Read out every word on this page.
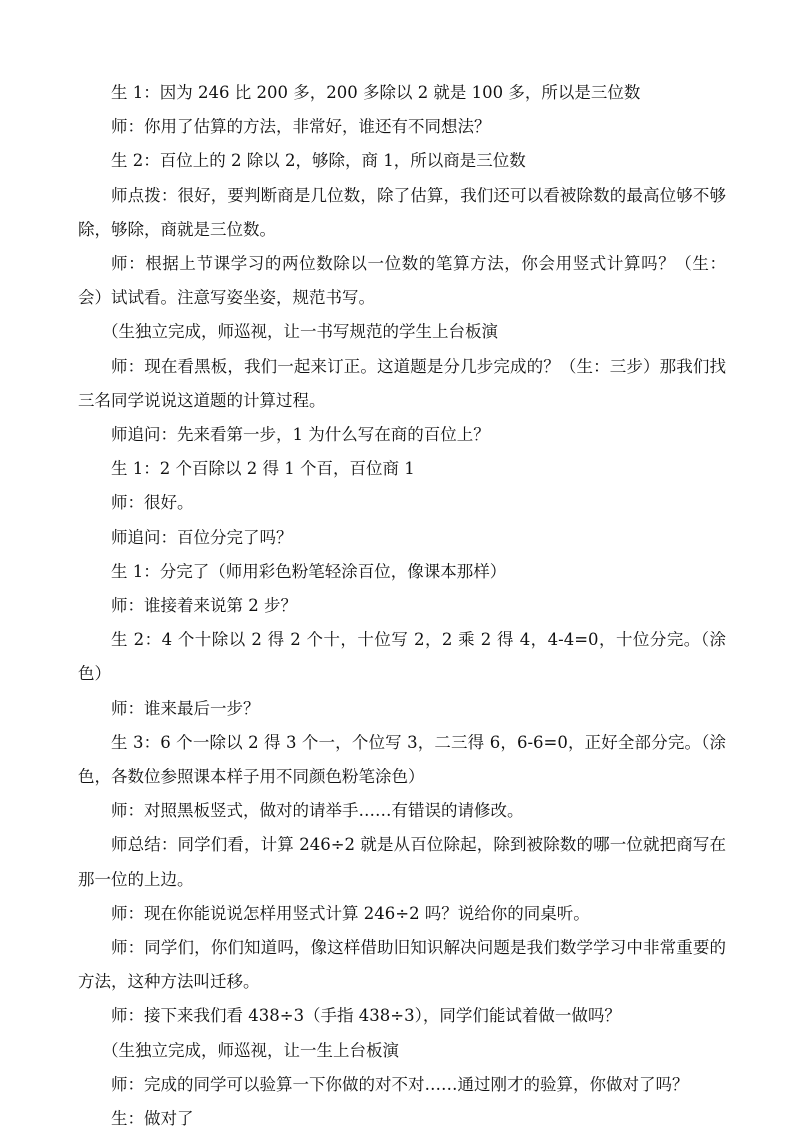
生 1：因为 246 比 200 多，200 多除以 2 就是 100 多，所以是三位数

师：你用了估算的方法，非常好，谁还有不同想法？

生 2：百位上的 2 除以 2，够除，商 1，所以商是三位数

师点拨：很好，要判断商是几位数，除了估算，我们还可以看被除数的最高位够不够除，够除，商就是三位数。

师：根据上节课学习的两位数除以一位数的笔算方法，你会用竖式计算吗？（生：会）试试看。注意写姿坐姿，规范书写。

（生独立完成，师巡视，让一书写规范的学生上台板演

师：现在看黑板，我们一起来订正。这道题是分几步完成的？（生：三步）那我们找三名同学说说这道题的计算过程。

师追问：先来看第一步，1 为什么写在商的百位上？

生 1：2 个百除以 2 得 1 个百，百位商 1

师：很好。

师追问：百位分完了吗？

生 1：分完了（师用彩色粉笔轻涂百位，像课本那样）

师：谁接着来说第 2 步？

生 2：4 个十除以 2 得 2 个十，十位写 2，2 乘 2 得 4，4-4=0，十位分完。（涂色）

师：谁来最后一步？

生 3：6 个一除以 2 得 3 个一，个位写 3，二三得 6，6-6=0，正好全部分完。（涂色，各数位参照课本样子用不同颜色粉笔涂色）

师：对照黑板竖式，做对的请举手……有错误的请修改。

师总结：同学们看，计算 246÷2 就是从百位除起，除到被除数的哪一位就把商写在那一位的上边。

师：现在你能说说怎样用竖式计算 246÷2 吗？说给你的同桌听。

师：同学们，你们知道吗，像这样借助旧知识解决问题是我们数学学习中非常重要的方法，这种方法叫迁移。

师：接下来我们看 438÷3（手指 438÷3），同学们能试着做一做吗？

（生独立完成，师巡视，让一生上台板演

师：完成的同学可以验算一下你做的对不对……通过刚才的验算，你做对了吗？

生：做对了
